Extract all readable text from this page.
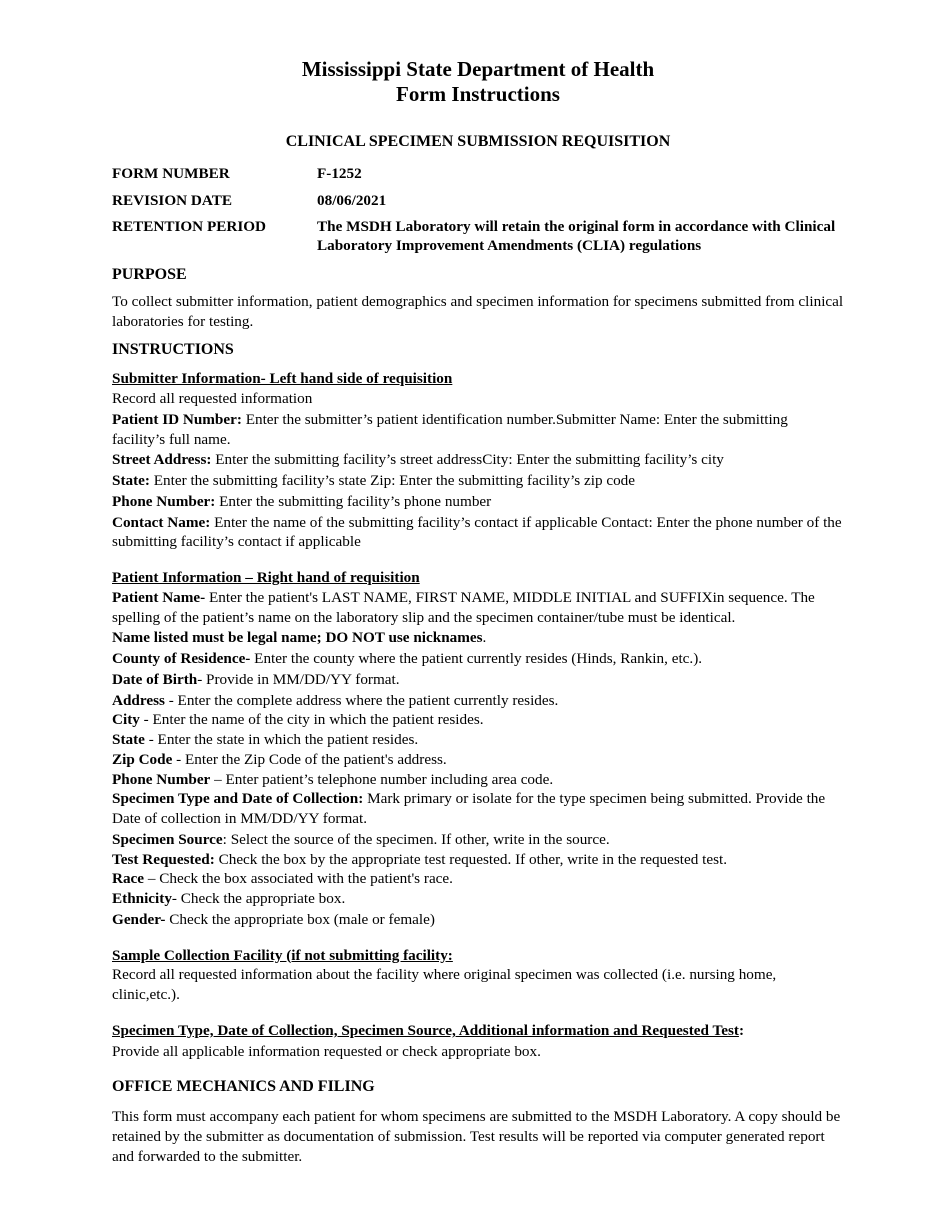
Mississippi State Department of Health
Form Instructions
CLINICAL SPECIMEN SUBMISSION REQUISITION
FORM NUMBER	F-1252
REVISION DATE	08/06/2021
RETENTION PERIOD	The MSDH Laboratory will retain the original form in accordance with Clinical Laboratory Improvement Amendments (CLIA) regulations
PURPOSE
To collect submitter information, patient demographics and specimen information for specimens submitted from clinical laboratories for testing.
INSTRUCTIONS
Submitter Information- Left hand side of requisition
Record all requested information
Patient ID Number: Enter the submitter’s patient identification number.Submitter Name: Enter the submitting facility’s full name.
Street Address: Enter the submitting facility’s street addressCity: Enter the submitting facility’s city
State: Enter the submitting facility’s state Zip: Enter the submitting facility’s zip code
Phone Number: Enter the submitting facility’s phone number
Contact Name: Enter the name of the submitting facility’s contact if applicable Contact: Enter the phone number of the submitting facility’s contact if applicable
Patient Information – Right hand of requisition
Patient Name- Enter the patient's LAST NAME, FIRST NAME, MIDDLE INITIAL and SUFFIXin sequence. The spelling of the patient’s name on the laboratory slip and the specimen container/tube must be identical.
Name listed must be legal name; DO NOT use nicknames.
County of Residence- Enter the county where the patient currently resides (Hinds, Rankin, etc.).
Date of Birth- Provide in MM/DD/YY format.
Address - Enter the complete address where the patient currently resides.
City - Enter the name of the city in which the patient resides.
State - Enter the state in which the patient resides.
Zip Code - Enter the Zip Code of the patient's address.
Phone Number – Enter patient’s telephone number including area code.
Specimen Type and Date of Collection: Mark primary or isolate for the type specimen being submitted. Provide the Date of collection in MM/DD/YY format.
Specimen Source: Select the source of the specimen. If other, write in the source.
Test Requested: Check the box by the appropriate test requested. If other, write in the requested test.
Race – Check the box associated with the patient's race.
Ethnicity- Check the appropriate box.
Gender- Check the appropriate box (male or female)
Sample Collection Facility (if not submitting facility:
Record all requested information about the facility where original specimen was collected (i.e. nursing home, clinic,etc.).
Specimen Type, Date of Collection, Specimen Source, Additional information and Requested Test:
Provide all applicable information requested or check appropriate box.
OFFICE MECHANICS AND FILING
This form must accompany each patient for whom specimens are submitted to the MSDH Laboratory. A copy should be retained by the submitter as documentation of submission. Test results will be reported via computer generated report and forwarded to the submitter.
